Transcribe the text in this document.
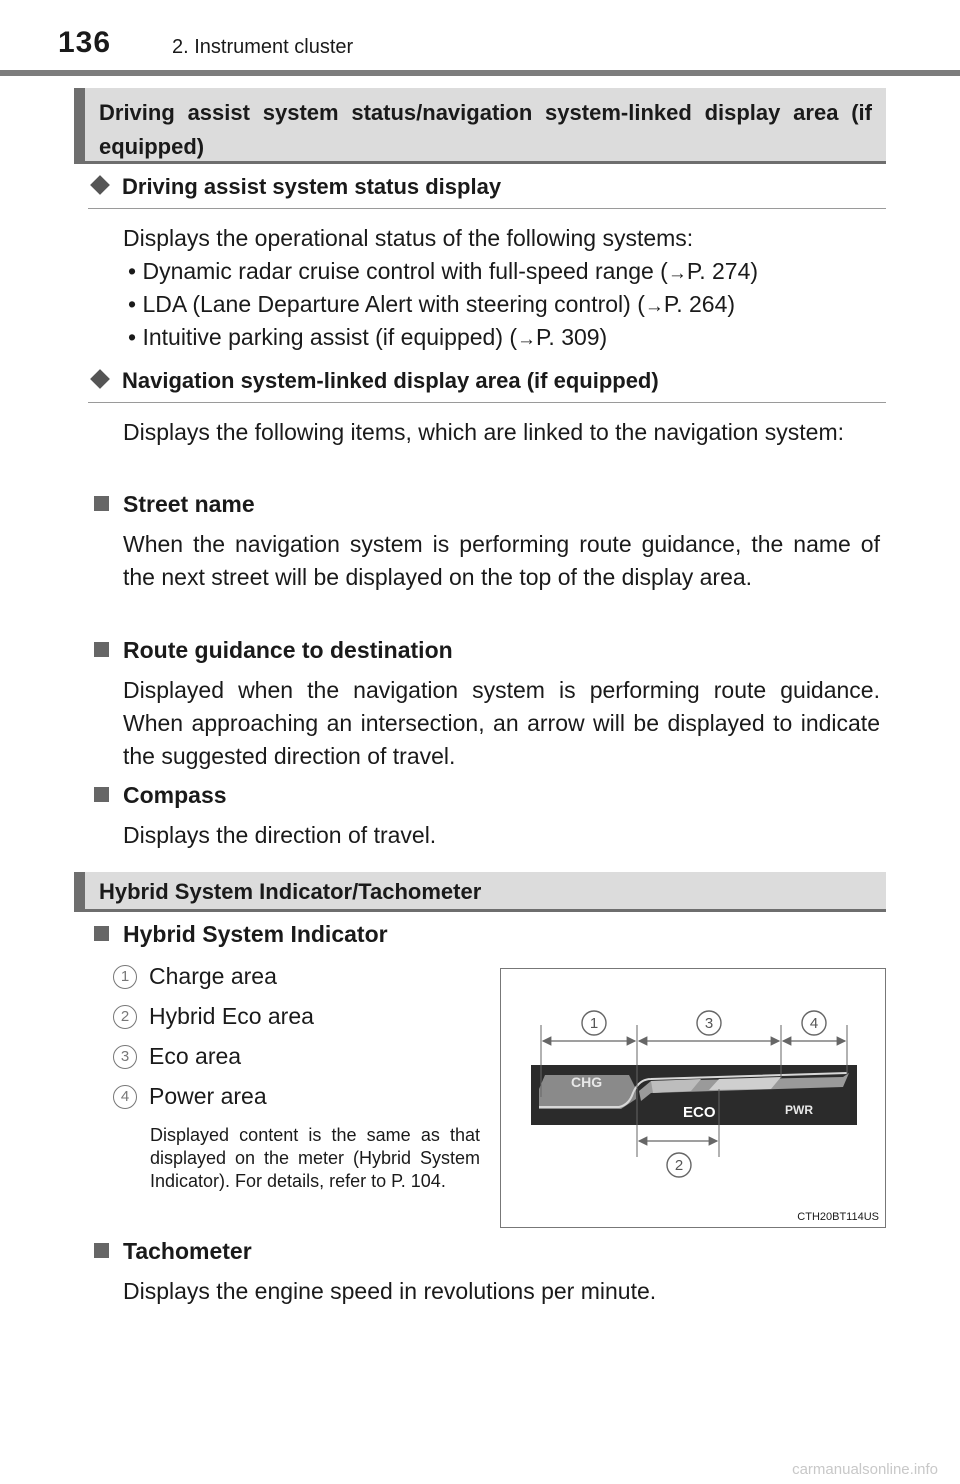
136	2. Instrument cluster
Driving assist system status/navigation system-linked display area (if equipped)
Driving assist system status display
Displays the operational status of the following systems:
• Dynamic radar cruise control with full-speed range (→P. 274)
• LDA (Lane Departure Alert with steering control) (→P. 264)
• Intuitive parking assist (if equipped) (→P. 309)
Navigation system-linked display area (if equipped)
Displays the following items, which are linked to the navigation system:
Street name
When the navigation system is performing route guidance, the name of the next street will be displayed on the top of the display area.
Route guidance to destination
Displayed when the navigation system is performing route guidance. When approaching an intersection, an arrow will be displayed to indicate the suggested direction of travel.
Compass
Displays the direction of travel.
Hybrid System Indicator/Tachometer
Hybrid System Indicator
1 Charge area
2 Hybrid Eco area
3 Eco area
4 Power area
Displayed content is the same as that displayed on the meter (Hybrid System Indicator). For details, refer to P. 104.
CHG
ECO	PWR
1	3	4
2
CTH20BT114US
Tachometer
Displays the engine speed in revolutions per minute.
carmanualsonline.info
